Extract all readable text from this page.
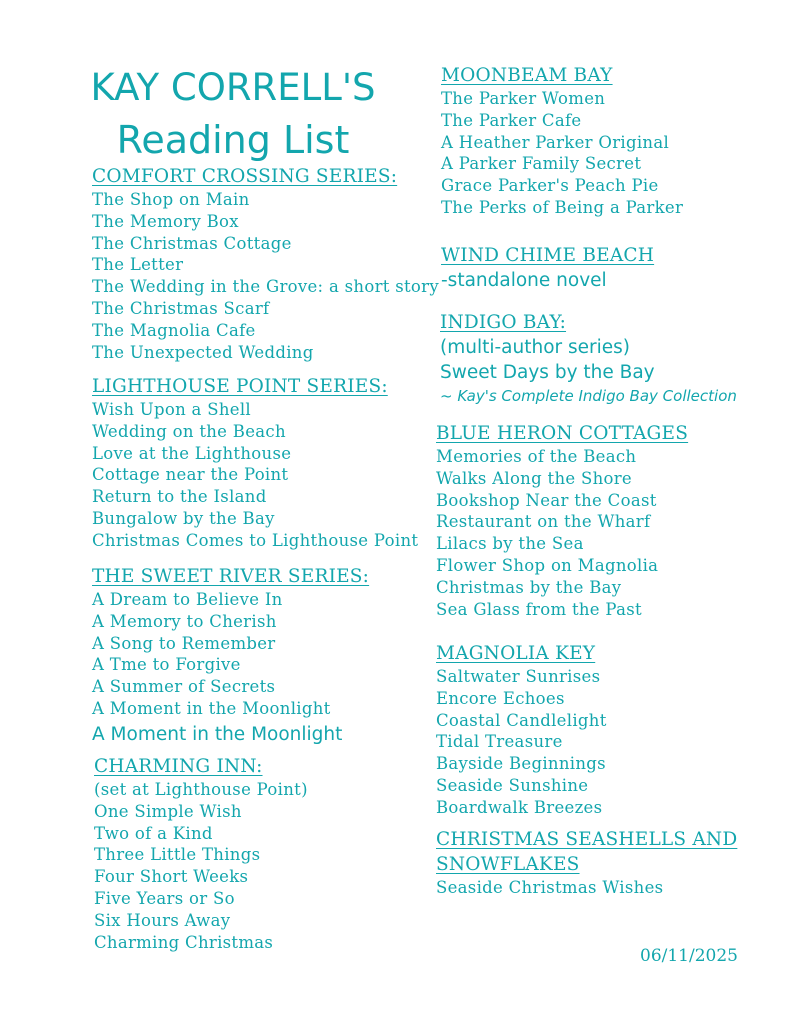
KAY CORRELL'S
Reading List
COMFORT CROSSING SERIES:
The Shop on Main
The Memory Box
The Christmas Cottage
The Letter
The Wedding in the Grove: a short story
The Christmas Scarf
The Magnolia Cafe
The Unexpected Wedding
LIGHTHOUSE POINT SERIES:
Wish Upon a Shell
Wedding on the Beach
Love at the Lighthouse
Cottage near the Point
Return to the Island
Bungalow by the Bay
Christmas Comes to Lighthouse Point
THE SWEET RIVER SERIES:
A Dream to Believe In
A Memory to Cherish
A Song to Remember
A Tme to Forgive
A Summer of Secrets
A Moment in the Moonlight
A Moment in the Moonlight
CHARMING INN:
(set at Lighthouse Point)
One Simple Wish
Two of a Kind
Three Little Things
Four Short Weeks
Five Years or So
Six Hours Away
Charming Christmas
MOONBEAM BAY
The Parker Women
The Parker Cafe
A Heather Parker Original
A Parker Family Secret
Grace Parker's Peach Pie
The Perks of Being a Parker
WIND CHIME BEACH
-standalone novel
INDIGO BAY:
(multi-author series)
Sweet Days by the Bay
~ Kay's Complete Indigo Bay Collection
BLUE HERON COTTAGES
Memories of the Beach
Walks Along the Shore
Bookshop Near the Coast
Restaurant on the Wharf
Lilacs by the Sea
Flower Shop on Magnolia
Christmas by the Bay
Sea Glass from the Past
MAGNOLIA KEY
Saltwater Sunrises
Encore Echoes
Coastal Candlelight
Tidal Treasure
Bayside Beginnings
Seaside Sunshine
Boardwalk Breezes
CHRISTMAS SEASHELLS AND
SNOWFLAKES
Seaside Christmas Wishes
06/11/2025
